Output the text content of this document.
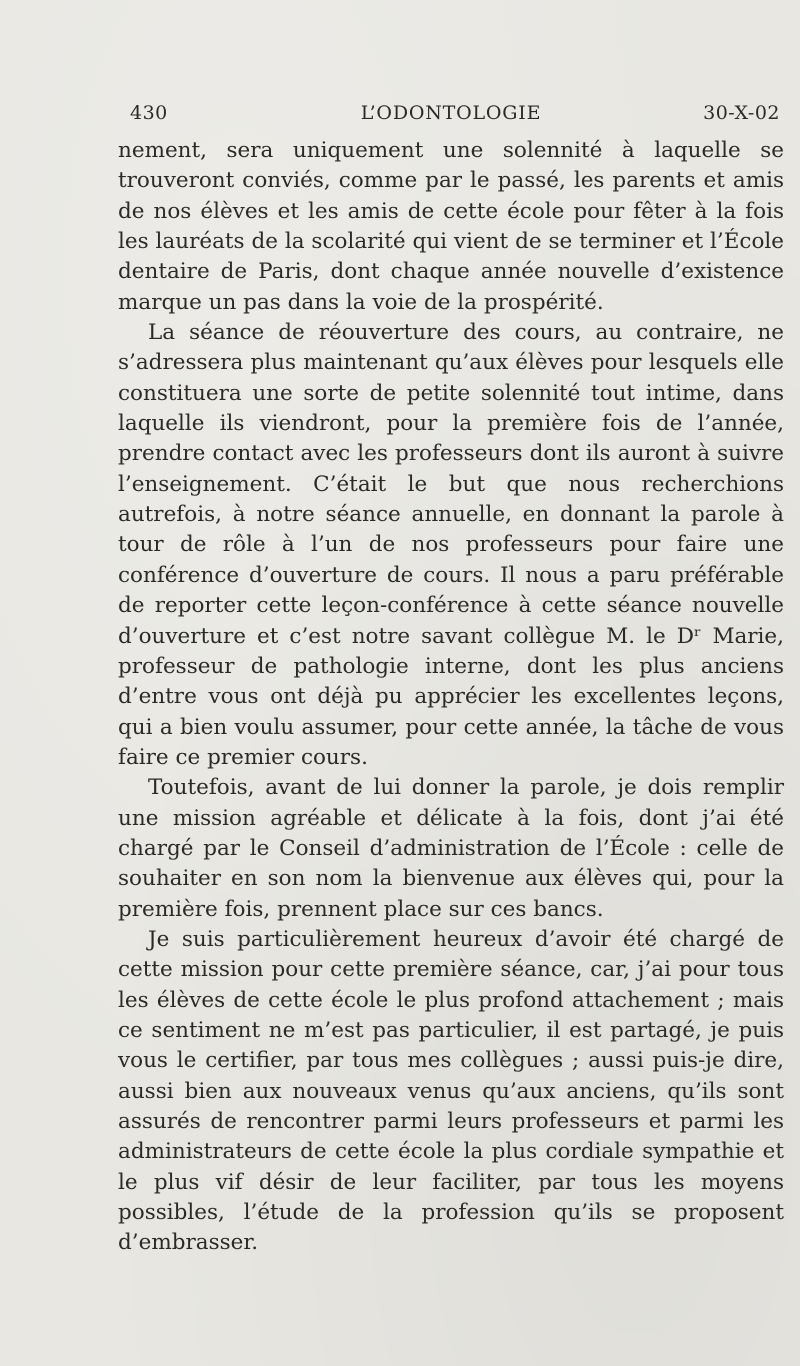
430	L’ODONTOLOGIE	30-X-02

nement, sera uniquement une solennité à laquelle se trouveront conviés, comme par le passé, les parents et amis de nos élèves et les amis de cette école pour fêter à la fois les lauréats de la scolarité qui vient de se terminer et l’École dentaire de Paris, dont chaque année nouvelle d’existence marque un pas dans la voie de la prospérité.

La séance de réouverture des cours, au contraire, ne s’adressera plus maintenant qu’aux élèves pour lesquels elle constituera une sorte de petite solennité tout intime, dans laquelle ils viendront, pour la première fois de l’année, prendre contact avec les professeurs dont ils auront à suivre l’enseignement. C’était le but que nous recherchions autrefois, à notre séance annuelle, en donnant la parole à tour de rôle à l’un de nos professeurs pour faire une conférence d’ouverture de cours. Il nous a paru préférable de reporter cette leçon-conférence à cette séance nouvelle d’ouverture et c’est notre savant collègue M. le Dʳ Marie, professeur de pathologie interne, dont les plus anciens d’entre vous ont déjà pu apprécier les excellentes leçons, qui a bien voulu assumer, pour cette année, la tâche de vous faire ce premier cours.

Toutefois, avant de lui donner la parole, je dois remplir une mission agréable et délicate à la fois, dont j’ai été chargé par le Conseil d’administration de l’École : celle de souhaiter en son nom la bienvenue aux élèves qui, pour la première fois, prennent place sur ces bancs.

Je suis particulièrement heureux d’avoir été chargé de cette mission pour cette première séance, car, j’ai pour tous les élèves de cette école le plus profond attachement ; mais ce sentiment ne m’est pas particulier, il est partagé, je puis vous le certifier, par tous mes collègues ; aussi puis-je dire, aussi bien aux nouveaux venus qu’aux anciens, qu’ils sont assurés de rencontrer parmi leurs professeurs et parmi les administrateurs de cette école la plus cordiale sympathie et le plus vif désir de leur faciliter, par tous les moyens possibles, l’étude de la profession qu’ils se proposent d’embrasser.
